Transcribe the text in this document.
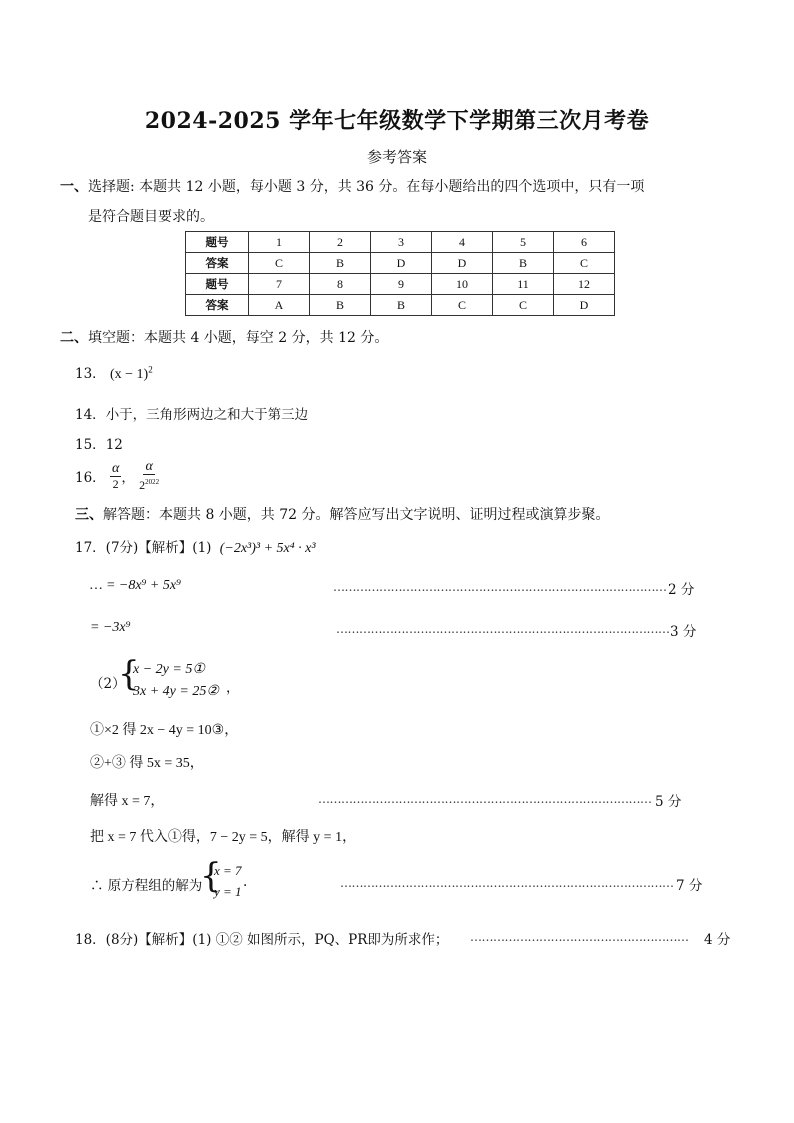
2024-2025 学年七年级数学下学期第三次月考卷
参考答案
一、选择题: 本题共 12 小题，每小题 3 分，共 36 分。在每小题给出的四个选项中，只有一项
是符合题目要求的。
题号	1	2	3	4	5	6
答案	C	B	D	D	B	C
题号	7	8	9	10	11	12
答案	A	B	B	C	C	D
二、填空题：本题共 4 小题，每空 2 分，共 12 分。
13． $(x - 1)^2$
14．小于，三角形两边之和大于第三边
15．12
16． $\frac{\alpha}{2}$ ， $\frac{\alpha}{2^{2022}}$
三、解答题：本题共 8 小题，共 72 分。解答应写出文字说明、证明过程或演算步聚。
17．(7分)【解析】(1) (−2x³)³ + 5x⁴ · x³
… = −8x⁹ + 5x⁹	…………………………………………………………………………… 2 分
= −3x⁹	…………………………………………………………………………… 3 分
（2）
{
x − 2y = 5①
3x + 4y = 25② ，
①×2 得 2x − 4y = 10③，
②+③ 得 5x = 35，
解得 x = 7，	…………………………………………………………………………… 5 分
把 x = 7 代入①得，7 − 2y = 5，解得 y = 1，
∴ 原方程组的解为
{
x = 7
y = 1
.	…………………………………………………………………………… 7 分
18．(8分)【解析】(1) ①② 如图所示，PQ、PR即为所求作； …………………………………………………	4 分
